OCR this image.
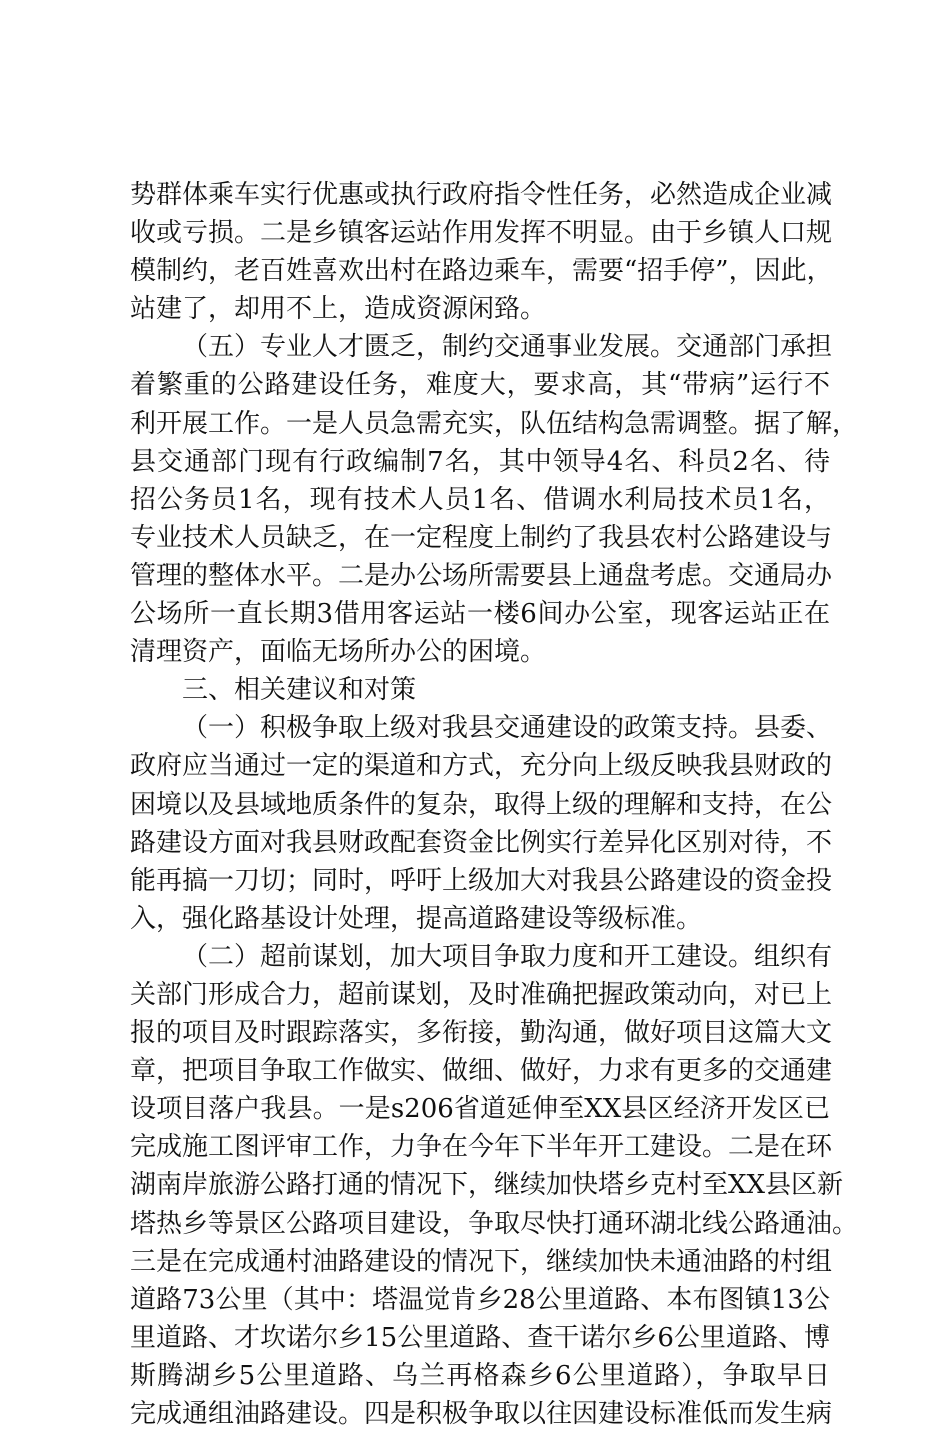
势群体乘车实行优惠或执行政府指令性任务，必然造成企业减
收或亏损。二是乡镇客运站作用发挥不明显。由于乡镇人口规
模制约，老百姓喜欢出村在路边乘车，需要“招手停”，因此，
站建了，却用不上，造成资源闲臵。
（五）专业人才匮乏，制约交通事业发展。交通部门承担
着繁重的公路建设任务，难度大，要求高，其“带病”运行不
利开展工作。一是人员急需充实，队伍结构急需调整。据了解，
县交通部门现有行政编制7名，其中领导4名、科员2名、待
招公务员1名，现有技术人员1名、借调水利局技术员1名，
专业技术人员缺乏，在一定程度上制约了我县农村公路建设与
管理的整体水平。二是办公场所需要县上通盘考虑。交通局办
公场所一直长期3借用客运站一楼6间办公室，现客运站正在
清理资产，面临无场所办公的困境。
三、相关建议和对策
（一）积极争取上级对我县交通建设的政策支持。县委、
政府应当通过一定的渠道和方式，充分向上级反映我县财政的
困境以及县域地质条件的复杂，取得上级的理解和支持，在公
路建设方面对我县财政配套资金比例实行差异化区别对待，不
能再搞一刀切；同时，呼吁上级加大对我县公路建设的资金投
入，强化路基设计处理，提高道路建设等级标准。
（二）超前谋划，加大项目争取力度和开工建设。组织有
关部门形成合力，超前谋划，及时准确把握政策动向，对已上
报的项目及时跟踪落实，多衔接，勤沟通，做好项目这篇大文
章，把项目争取工作做实、做细、做好，力求有更多的交通建
设项目落户我县。一是s206省道延伸至XX县区经济开发区已
完成施工图评审工作，力争在今年下半年开工建设。二是在环
湖南岸旅游公路打通的情况下，继续加快塔乡克村至XX县区新
塔热乡等景区公路项目建设，争取尽快打通环湖北线公路通油。
三是在完成通村油路建设的情况下，继续加快未通油路的村组
道路73公里（其中：塔温觉肯乡28公里道路、本布图镇13公
里道路、才坎诺尔乡15公里道路、查干诺尔乡6公里道路、博
斯腾湖乡5公里道路、乌兰再格森乡6公里道路），争取早日
完成通组油路建设。四是积极争取以往因建设标准低而发生病
